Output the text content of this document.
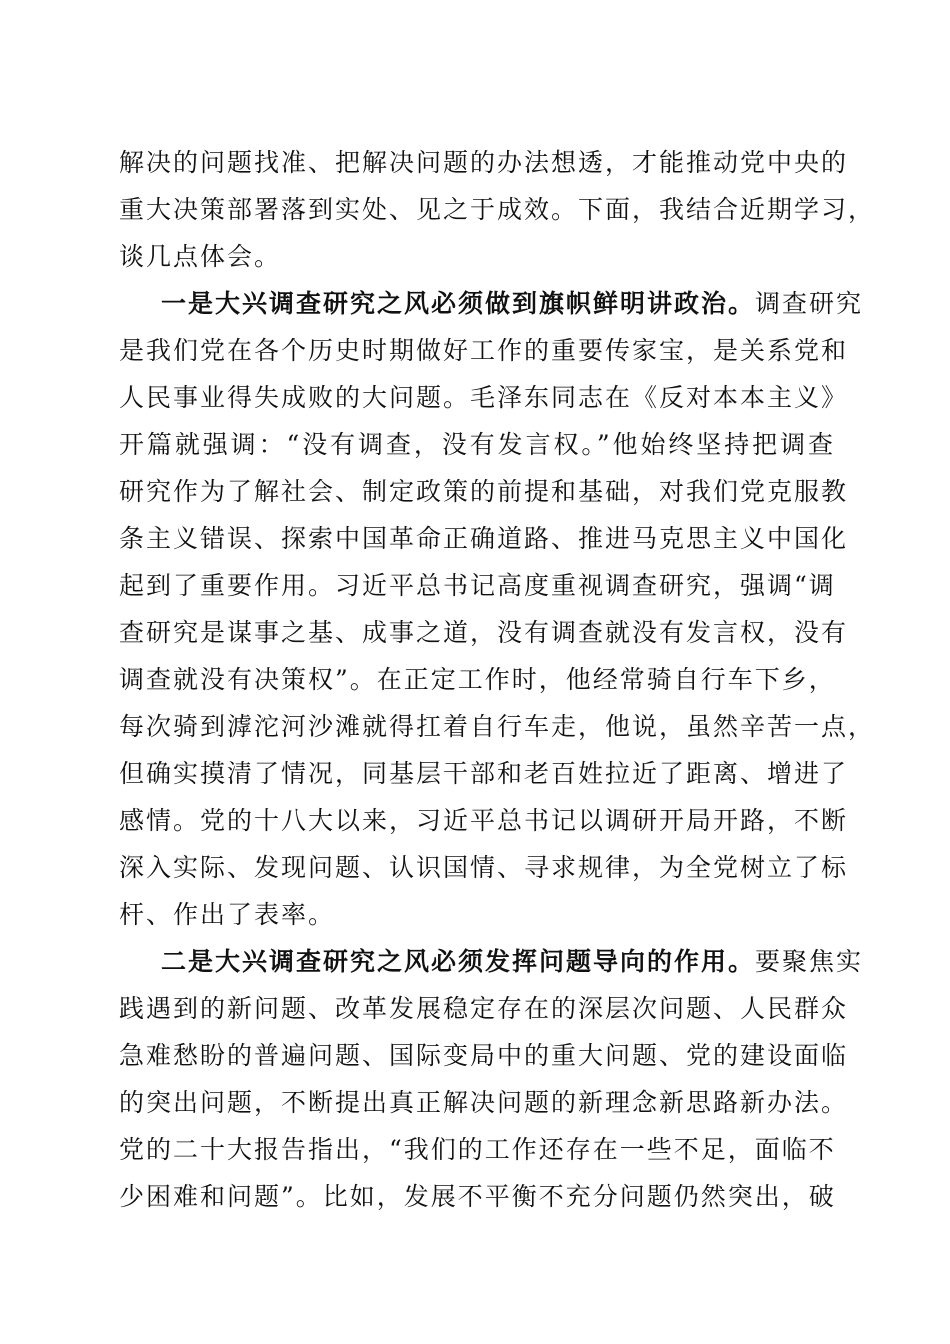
解决的问题找准、把解决问题的办法想透，才能推动党中央的
重大决策部署落到实处、见之于成效。下面，我结合近期学习，
谈几点体会。
一是大兴调查研究之风必须做到旗帜鲜明讲政治。调查研究
是我们党在各个历史时期做好工作的重要传家宝，是关系党和
人民事业得失成败的大问题。毛泽东同志在《反对本本主义》
开篇就强调：“没有调查，没有发言权。”他始终坚持把调查
研究作为了解社会、制定政策的前提和基础，对我们党克服教
条主义错误、探索中国革命正确道路、推进马克思主义中国化
起到了重要作用。习近平总书记高度重视调查研究，强调“调
查研究是谋事之基、成事之道，没有调查就没有发言权，没有
调查就没有决策权”。在正定工作时，他经常骑自行车下乡，
每次骑到滹沱河沙滩就得扛着自行车走，他说，虽然辛苦一点，
但确实摸清了情况，同基层干部和老百姓拉近了距离、增进了
感情。党的十八大以来，习近平总书记以调研开局开路，不断
深入实际、发现问题、认识国情、寻求规律，为全党树立了标
杆、作出了表率。
二是大兴调查研究之风必须发挥问题导向的作用。要聚焦实
践遇到的新问题、改革发展稳定存在的深层次问题、人民群众
急难愁盼的普遍问题、国际变局中的重大问题、党的建设面临
的突出问题，不断提出真正解决问题的新理念新思路新办法。
党的二十大报告指出，“我们的工作还存在一些不足，面临不
少困难和问题”。比如，发展不平衡不充分问题仍然突出，破
